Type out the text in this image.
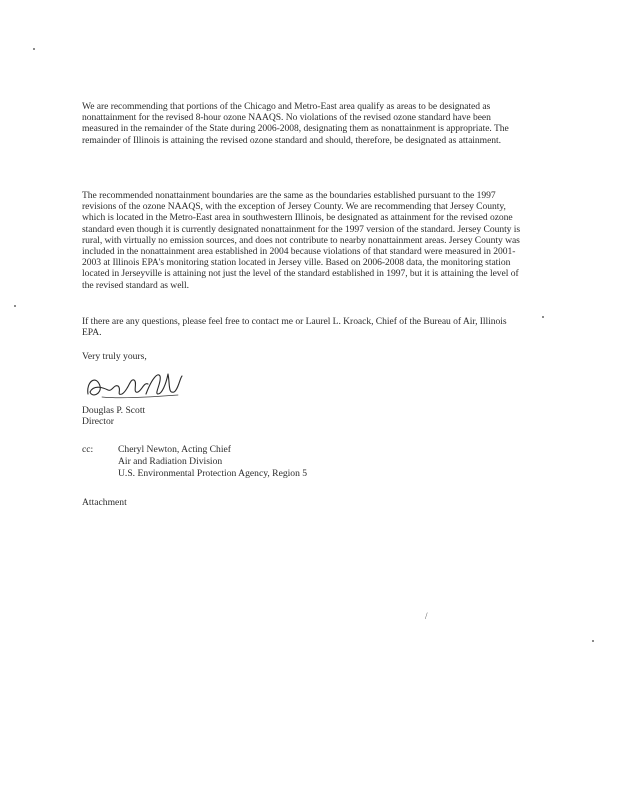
We are recommending that portions of the Chicago and Metro-East area qualify as areas to be designated as nonattainment for the revised 8-hour ozone NAAQS. No violations of the revised ozone standard have been measured in the remainder of the State during 2006-2008, designating them as nonattainment is appropriate. The remainder of Illinois is attaining the revised ozone standard and should, therefore, be designated as attainment.

The recommended nonattainment boundaries are the same as the boundaries established pursuant to the 1997 revisions of the ozone NAAQS, with the exception of Jersey County. We are recommending that Jersey County, which is located in the Metro-East area in southwestern Illinois, be designated as attainment for the revised ozone standard even though it is currently designated nonattainment for the 1997 version of the standard. Jersey County is rural, with virtually no emission sources, and does not contribute to nearby nonattainment areas. Jersey County was included in the nonattainment area established in 2004 because violations of that standard were measured in 2001-2003 at Illinois EPA's monitoring station located in Jersey ville. Based on 2006-2008 data, the monitoring station located in Jerseyville is attaining not just the level of the standard established in 1997, but it is attaining the level of the revised standard as well.

If there are any questions, please feel free to contact me or Laurel L. Kroack, Chief of the Bureau of Air, Illinois EPA.

Very truly yours,
Douglas P. Scott
Director
cc:	Cheryl Newton, Acting Chief
Air and Radiation Division
U.S. Environmental Protection Agency, Region 5
Attachment
/
